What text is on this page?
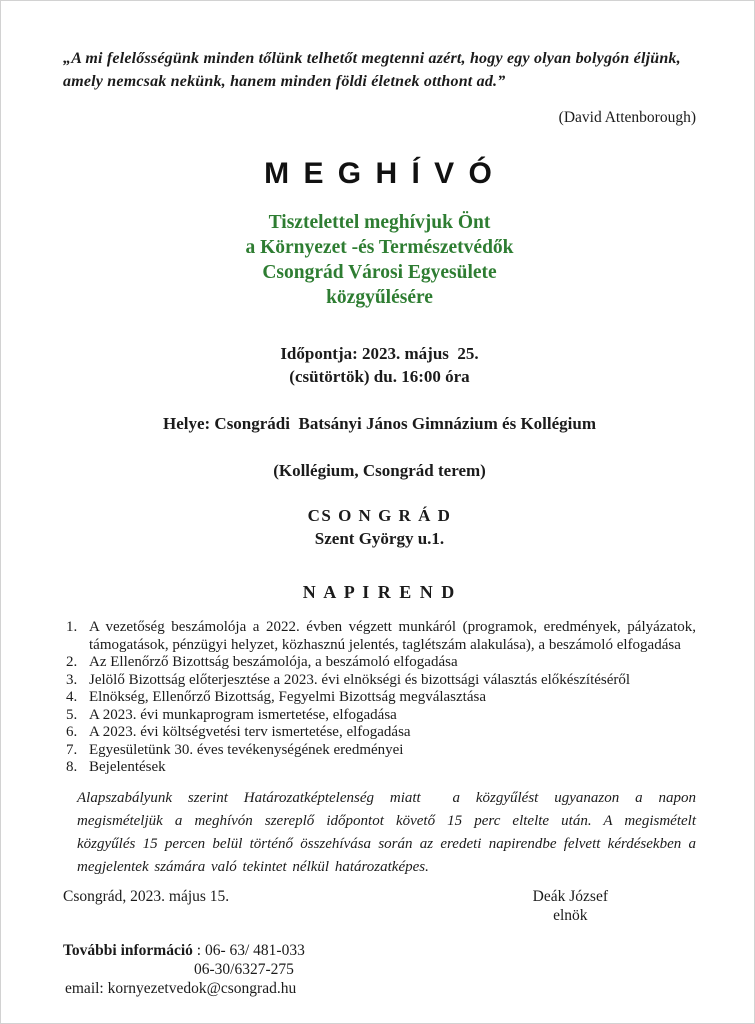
„A mi felelősségünk minden tőlünk telhetőt megtenni azért, hogy egy olyan bolygón éljünk, amely nemcsak nekünk, hanem minden földi életnek otthont ad.”

(David Attenborough)

M E G H Í V Ó
Tisztelettel meghívjuk Önt
a Környezet -és Természetvédők
Csongrád Városi Egyesülete
közgyűlésére
Időpontja: 2023. május  25.
(csütörtök) du. 16:00 óra
Helye: Csongrádi  Batsányi János Gimnázium és Kollégium
(Kollégium, Csongrád terem)
CS O N G R Á D
Szent György u.1.
N A P I R E N D
1. A vezetőség beszámolója a 2022. évben végzett munkáról (programok, eredmények, pályázatok, támogatások, pénzügyi helyzet, közhasznú jelentés, taglétszám alakulása), a beszámoló elfogadása
2. Az Ellenőrző Bizottság beszámolója, a beszámoló elfogadása
3. Jelölő Bizottság előterjesztése a 2023. évi elnökségi és bizottsági választás előkészítéséről
4. Elnökség, Ellenőrző Bizottság, Fegyelmi Bizottság megválasztása
5. A 2023. évi munkaprogram ismertetése, elfogadása
6. A 2023. évi költségvetési terv ismertetése, elfogadása
7. Egyesületünk 30. éves tevékenységének eredményei
8. Bejelentések

Alapszabályunk szerint Határozatképtelenség miatt  a közgyűlést ugyanazon a napon megismételjük a meghívón szereplő időpontot követő 15 perc eltelte után. A megismételt  közgyűlés 15 percen belül történő összehívása során az eredeti napirendbe felvett kérdésekben a megjelentek számára való tekintet nélkül határozatképes.

Csongrád, 2023. május 15.	Deák József
elnök
További információ : 06- 63/ 481-033
06-30/6327-275
email: kornyezetvedok@csongrad.hu
